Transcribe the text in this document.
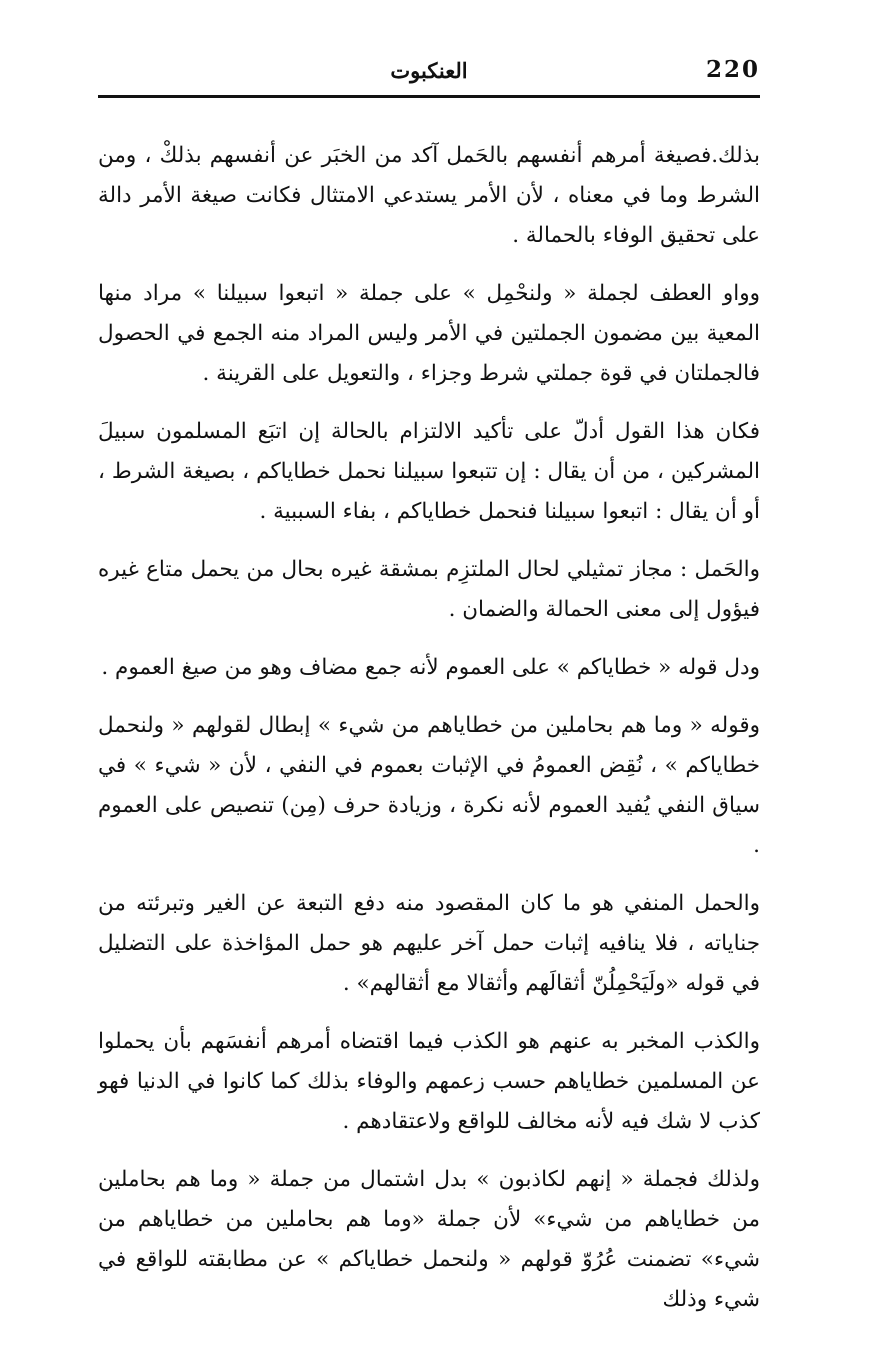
220
العنكبوت

بذلك.فصيغة أمرهم أنفسهم بالحَمل آكد من الخبَر عن أنفسهم بذلكْ ، ومن الشرط وما في معناه ، لأن الأمر يستدعي الامتثال فكانت صيغة الأمر دالة على تحقيق الوفاء بالحمالة .

وواو العطف لجملة « ولنحْمِل » على جملة « اتبعوا سبيلنا » مراد منها المعية بين مضمون الجملتين في الأمر وليس المراد منه الجمع في الحصول فالجملتان في قوة جملتي شرط وجزاء ، والتعويل على القرينة .

فكان هذا القول أدلّ على تأكيد الالتزام بالحالة إن اتبَع المسلمون سبيلَ المشركين ، من أن يقال : إن تتبعوا سبيلنا نحمل خطاياكم ، بصيغة الشرط ، أو أن يقال : اتبعوا سبيلنا فنحمل خطاياكم ، بفاء السببية .

والحَمل : مجاز تمثيلي لحال الملتزِم بمشقة غيره بحال من يحمل متاع غيره فيؤول إلى معنى الحمالة والضمان .

ودل قوله « خطاياكم » على العموم لأنه جمع مضاف وهو من صيغ العموم .

وقوله « وما هم بحاملين من خطاياهم من شيء » إبطال لقولهم « ولنحمل خطاياكم » ، نُقِض العمومُ في الإثبات بعموم في النفي ، لأن « شيء » في سياق النفي يُفيد العموم لأنه نكرة ، وزيادة حرف (مِن) تنصيص على العموم .

والحمل المنفي هو ما كان المقصود منه دفع التبعة عن الغير وتبرئته من جناياته ، فلا ينافيه إثبات حمل آخر عليهم هو حمل المؤاخذة على التضليل في قوله «ولَيَحْمِلُنّ أثقالَهم وأثقالا مع أثقالهم» .

والكذب المخبر به عنهم هو الكذب فيما اقتضاه أمرهم أنفسَهم بأن يحملوا عن المسلمين خطاياهم حسب زعمهم والوفاء بذلك كما كانوا في الدنيا فهو كذب لا شك فيه لأنه مخالف للواقع ولاعتقادهم .

ولذلك فجملة « إنهم لكاذبون » بدل اشتمال من جملة « وما هم بحاملين من خطاياهم من شيء» لأن جملة «وما هم بحاملين من خطاياهم من شيء» تضمنت عُرُوّ قولهم « ولنحمل خطاياكم » عن مطابقته للواقع في شيء وذلك
